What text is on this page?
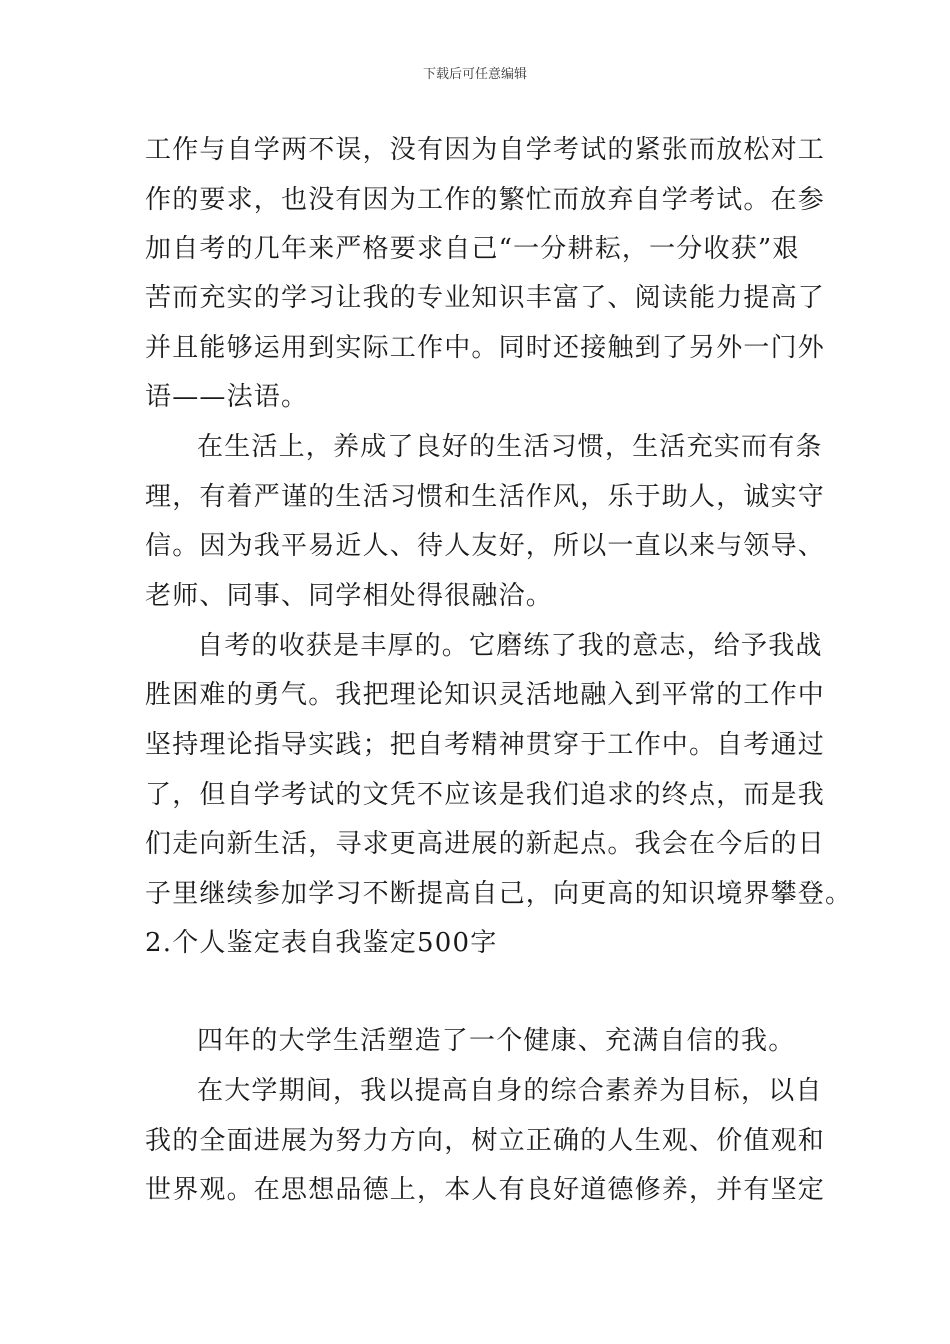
下载后可任意编辑
工作与自学两不误，没有因为自学考试的紧张而放松对工
作的要求，也没有因为工作的繁忙而放弃自学考试。在参
加自考的几年来严格要求自己“一分耕耘，一分收获”艰
苦而充实的学习让我的专业知识丰富了、阅读能力提高了
并且能够运用到实际工作中。同时还接触到了另外一门外
语——法语。
在生活上，养成了良好的生活习惯，生活充实而有条
理，有着严谨的生活习惯和生活作风，乐于助人，诚实守
信。因为我平易近人、待人友好，所以一直以来与领导、
老师、同事、同学相处得很融洽。
自考的收获是丰厚的。它磨练了我的意志，给予我战
胜困难的勇气。我把理论知识灵活地融入到平常的工作中
坚持理论指导实践；把自考精神贯穿于工作中。自考通过
了，但自学考试的文凭不应该是我们追求的终点，而是我
们走向新生活，寻求更高进展的新起点。我会在今后的日
子里继续参加学习不断提高自己，向更高的知识境界攀登。
2.个人鉴定表自我鉴定500字
四年的大学生活塑造了一个健康、充满自信的我。
在大学期间，我以提高自身的综合素养为目标，以自
我的全面进展为努力方向，树立正确的人生观、价值观和
世界观。在思想品德上，本人有良好道德修养，并有坚定
